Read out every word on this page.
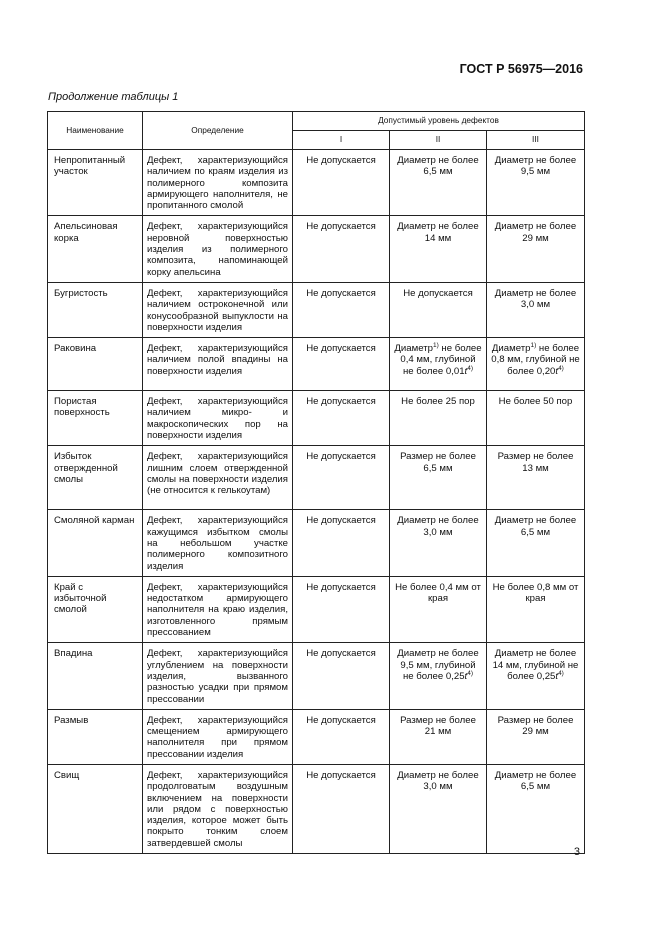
ГОСТ Р 56975—2016
Продолжение таблицы 1
Наименование	Определение	Допустимый уровень дефектов		
		I	II	III
Непропитанный участок	Дефект, характеризующийся наличием по краям изделия из полимерного композита армирующего наполнителя, не пропитанного смолой	Не допускается	Диаметр не более 6,5 мм	Диаметр не более 9,5 мм
Апельсиновая корка	Дефект, характеризующийся неровной поверхностью изделия из полимерного композита, напоминающей корку апельсина	Не допускается	Диаметр не более 14 мм	Диаметр не более 29 мм
Бугристость	Дефект, характеризующийся наличием остроконечной или конусообразной выпуклости на поверхности изделия	Не допускается	Не допускается	Диаметр не более 3,0 мм
Раковина	Дефект, характеризующийся наличием полой впадины на поверхности изделия	Не допускается	Диаметр$^{1)}$ не более 0,4 мм, глубиной не более $0,01t^{4)}$	Диаметр$^{1)}$ не более 0,8 мм, глубиной не более $0,20t^{4)}$
Пористая поверхность	Дефект, характеризующийся наличием микро- и макроскопических пор на поверхности изделия	Не допускается	Не более 25 пор	Не более 50 пор
Избыток отвержденной смолы	Дефект, характеризующийся лишним слоем отвержденной смолы на поверхности изделия (не относится к гелькоутам)	Не допускается	Размер не более 6,5 мм	Размер не более 13 мм
Смоляной карман	Дефект, характеризующийся кажущимся избытком смолы на небольшом участке полимерного композитного изделия	Не допускается	Диаметр не более 3,0 мм	Диаметр не более 6,5 мм
Край с избыточной смолой	Дефект, характеризующийся недостатком армирующего наполнителя на краю изделия, изготовленного прямым прессованием	Не допускается	Не более 0,4 мм от края	Не более 0,8 мм от края
Впадина	Дефект, характеризующийся углублением на поверхности изделия, вызванного разностью усадки при прямом прессовании	Не допускается	Диаметр не более 9,5 мм, глубиной не более $0,25t^{4)}$	Диаметр не более 14 мм, глубиной не более $0,25t^{4)}$
Размыв	Дефект, характеризующийся смещением армирующего наполнителя при прямом прессовании изделия	Не допускается	Размер не более 21 мм	Размер не более 29 мм
Свищ	Дефект, характеризующийся продолговатым воздушным включением на поверхности или рядом с поверхностью изделия, которое может быть покрыто тонким слоем затвердевшей смолы	Не допускается	Диаметр не более 3,0 мм	Диаметр не более 6,5 мм
3
